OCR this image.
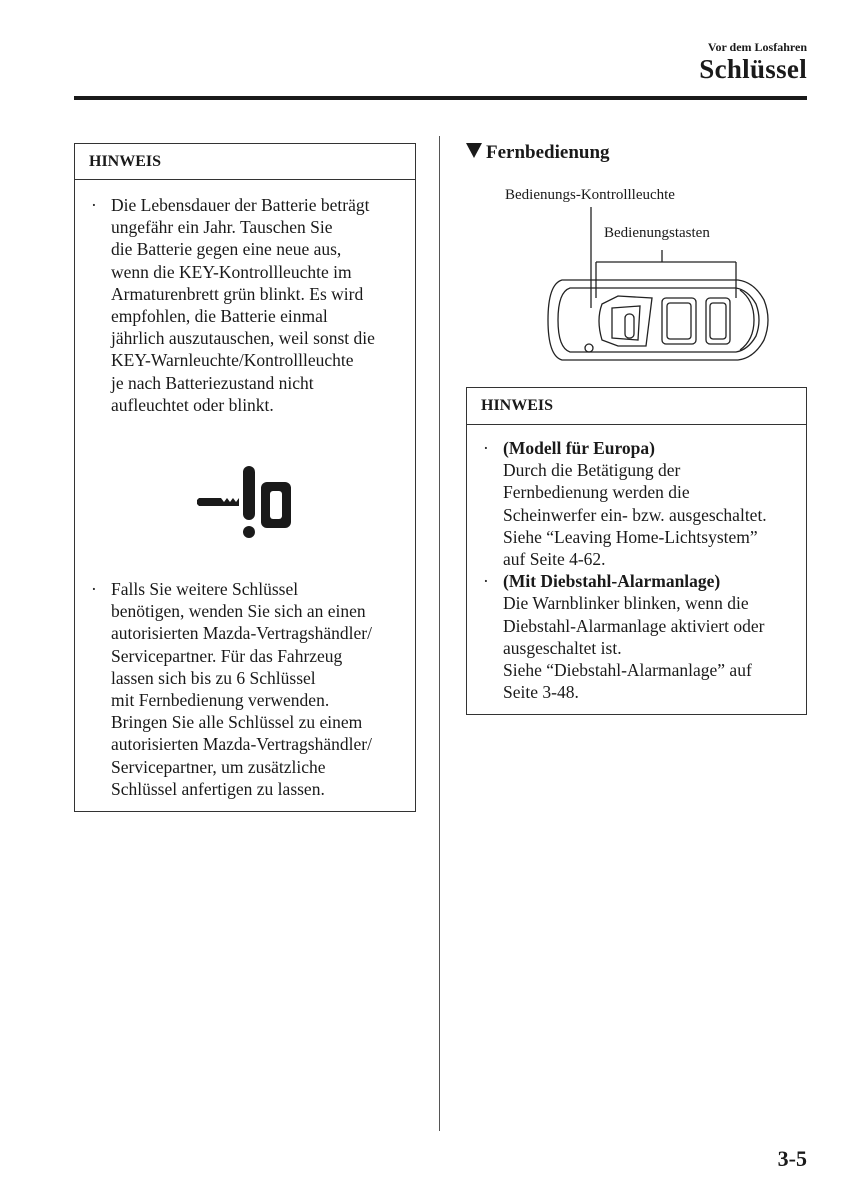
Vor dem Losfahren
Schlüssel
HINWEIS
· Die Lebensdauer der Batterie beträgt
ungefähr ein Jahr. Tauschen Sie
die Batterie gegen eine neue aus,
wenn die KEY-Kontrollleuchte im
Armaturenbrett grün blinkt. Es wird
empfohlen, die Batterie einmal
jährlich auszutauschen, weil sonst die
KEY-Warnleuchte/Kontrollleuchte
je nach Batteriezustand nicht
aufleuchtet oder blinkt.
· Falls Sie weitere Schlüssel
benötigen, wenden Sie sich an einen
autorisierten Mazda-Vertragshändler/
Servicepartner. Für das Fahrzeug
lassen sich bis zu 6 Schlüssel
mit Fernbedienung verwenden.
Bringen Sie alle Schlüssel zu einem
autorisierten Mazda-Vertragshändler/
Servicepartner, um zusätzliche
Schlüssel anfertigen zu lassen.
Fernbedienung
Bedienungs-Kontrollleuchte
Bedienungstasten
HINWEIS
· (Modell für Europa)
Durch die Betätigung der
Fernbedienung werden die
Scheinwerfer ein- bzw. ausgeschaltet.
Siehe “Leaving Home-Lichtsystem”
auf Seite 4-62.
· (Mit Diebstahl-Alarmanlage)
Die Warnblinker blinken, wenn die
Diebstahl-Alarmanlage aktiviert oder
ausgeschaltet ist.
Siehe “Diebstahl-Alarmanlage” auf
Seite 3-48.
3-5
